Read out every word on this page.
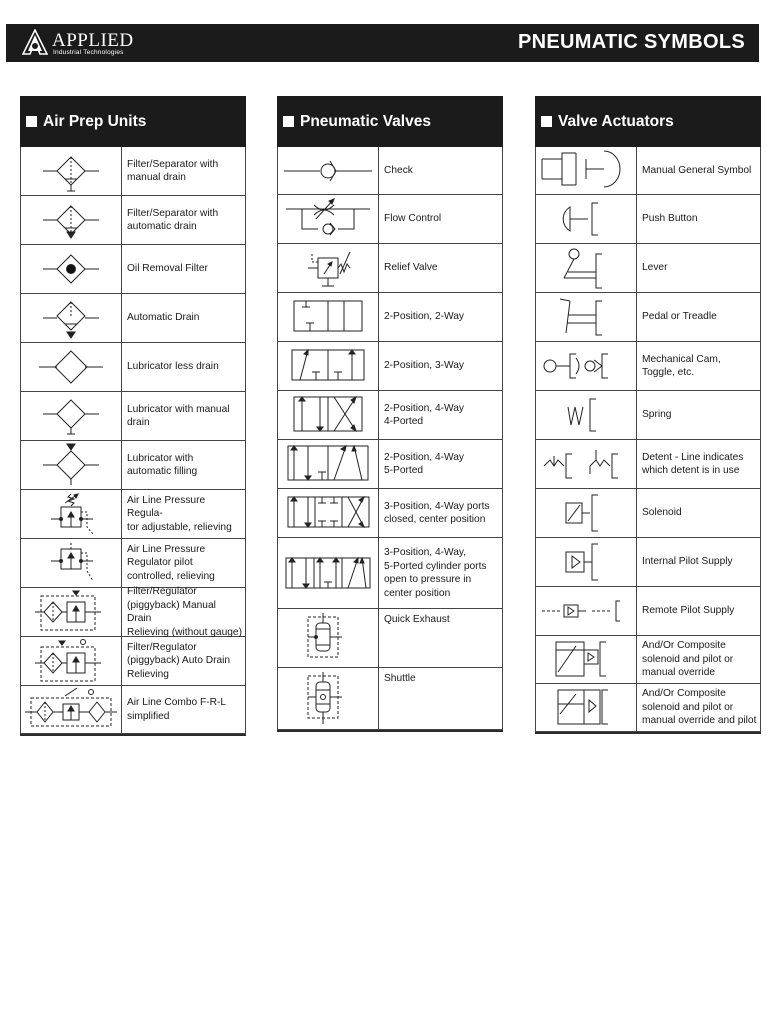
APPLIED
Industrial Technologies	PNEUMATIC SYMBOLS
Air Prep Units
Filter/Separator with
manual drain
Filter/Separator with
automatic drain
Oil Removal Filter
Automatic Drain
Lubricator less drain
Lubricator with manual
drain
Lubricator with
automatic filling
Air Line Pressure Regula-
tor adjustable, relieving
Air Line Pressure
Regulator pilot
controlled, relieving
Filter/Regulator
(piggyback) Manual Drain
Relieving (without gauge)
Filter/Regulator
(piggyback) Auto Drain
Relieving
Air Line Combo F-R-L
simplified
Pneumatic Valves
Check
Flow Control
Relief Valve
2-Position, 2-Way
2-Position, 3-Way
2-Position, 4-Way
4-Ported
2-Position, 4-Way
5-Ported
3-Position, 4-Way ports
closed, center position
3-Position, 4-Way,
5-Ported cylinder ports
open to pressure in
center position
Quick Exhaust
Shuttle
Valve Actuators
Manual General Symbol
Push Button
Lever
Pedal or Treadle
Mechanical Cam,
Toggle, etc.
Spring
Detent - Line indicates
which detent is in use
Solenoid
Internal Pilot Supply
Remote Pilot Supply
And/Or Composite
solenoid and pilot or
manual override
And/Or Composite
solenoid and pilot or
manual override and pilot
